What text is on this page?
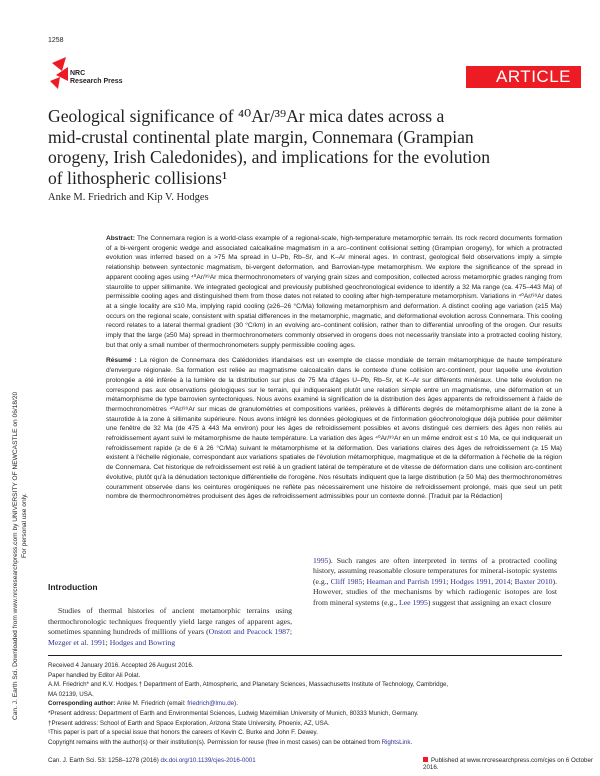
1258
NRC
Research Press	ARTICLE
Geological significance of ⁴⁰Ar/³⁹Ar mica dates across a
mid-crustal continental plate margin, Connemara (Grampian
orogeny, Irish Caledonides), and implications for the evolution
of lithospheric collisions¹
Anke M. Friedrich and Kip V. Hodges
Can. J. Earth Sci. Downloaded from www.nrcresearchpress.com by UNIVERSITY OF NEWCASTLE on 06/18/20 For personal use only.

Abstract: The Connemara region is a world-class example of a regional-scale, high-temperature metamorphic terrain. Its rock record documents formation of a bi-vergent orogenic wedge and associated calcalkaline magmatism in a arc–continent collisional setting (Grampian orogeny), for which a protracted evolution was inferred based on a >75 Ma spread in U–Pb, Rb–Sr, and K–Ar mineral ages. In contrast, geological field observations imply a simple relationship between syntectonic magmatism, bi-vergent deformation, and Barrovian-type metamorphism. We explore the significance of the spread in apparent cooling ages using ⁴⁰Ar/³⁹Ar mica thermochronometers of varying grain sizes and composition, collected across metamorphic grades ranging from staurolite to upper sillimanite. We integrated geological and previously published geochronological evidence to identify a 32 Ma range (ca. 475–443 Ma) of permissible cooling ages and distinguished them from those dates not related to cooling after high-temperature metamorphism. Variations in ⁴⁰Ar/³⁹Ar dates at a single locality are ≤10 Ma, implying rapid cooling (≥26–26 °C/Ma) following metamorphism and deformation. A distinct cooling age variation (≥15 Ma) occurs on the regional scale, consistent with spatial differences in the metamorphic, magmatic, and deformational evolution across Connemara. This cooling record relates to a lateral thermal gradient (30 °C/km) in an evolving arc–continent collision, rather than to differential unroofing of the orogen. Our results imply that the large (≥50 Ma) spread in thermochronometers commonly observed in orogens does not necessarily translate into a protracted cooling history, but that only a small number of thermochronometers supply permissible cooling ages.

Résumé : La région de Connemara des Calédonides irlandaises est un exemple de classe mondiale de terrain métamorphique de haute température d'envergure régionale. Sa formation est reliée au magmatisme calcoalcalin dans le contexte d'une collision arc-continent, pour laquelle une évolution prolongée a été inférée à la lumière de la distribution sur plus de 75 Ma d'âges U–Pb, Rb–Sr, et K–Ar sur différents minéraux. Une telle évolution ne correspond pas aux observations géologiques sur le terrain, qui indiqueraient plutôt une relation simple entre un magmatisme, une déformation et un métamorphisme de type barrovien syntectoniques. Nous avons examiné la signification de la distribution des âges apparents de refroidissement à l'aide de thermochronomètres ⁴⁰Ar/³⁹Ar sur micas de granulométries et compositions variées, prélevés à différents degrés de métamorphisme allant de la zone à staurotide à la zone à sillimanite supérieure. Nous avons intégré les données géologiques et de l'information géochronologique déjà publiée pour délimiter une fenêtre de 32 Ma (de 475 à 443 Ma environ) pour les âges de refroidissement possibles et avons distingué ces derniers des âges non reliés au refroidissement ayant suivi le métamorphisme de haute température. La variation des âges ⁴⁰Ar/³⁹Ar en un même endroit est ≤ 10 Ma, ce qui indiquerait un refroidissement rapide (≥ de 6 à 26 °C/Ma) suivant le métamorphisme et la déformation. Des variations claires des âges de refroidissement (≥ 15 Ma) existent à l'échelle régionale, correspondant aux variations spatiales de l'évolution métamorphique, magmatique et de la déformation à l'échelle de la région de Connemara. Cet historique de refroidissement est relié à un gradient latéral de température et de vitesse de déformation dans une collision arc-continent évolutive, plutôt qu'à la dénudation tectonique différentielle de l'orogène. Nos résultats indiquent que la large distribution (≥ 50 Ma) des thermochronomètres couramment observée dans les ceintures orogéniques ne reflète pas nécessairement une histoire de refroidissement prolongé, mais que seul un petit nombre de thermochronomètres produisent des âges de refroidissement admissibles pour un contexte donné. [Traduit par la Rédaction]

Introduction

Studies of thermal histories of ancient metamorphic terrains using thermochronologic techniques frequently yield large ranges of apparent ages, sometimes spanning hundreds of millions of years (Onstott and Peacock 1987; Mezger et al. 1991; Hodges and Bowring

1995). Such ranges are often interpreted in terms of a protracted cooling history, assuming reasonable closure temperatures for mineral-isotopic systems (e.g., Cliff 1985; Heaman and Parrish 1991; Hodges 1991, 2014; Baxter 2010). However, studies of the mechanisms by which radiogenic isotopes are lost from mineral systems (e.g., Lee 1995) suggest that assigning an exact closure

Received 4 January 2016. Accepted 26 August 2016.
Paper handled by Editor Ali Polat.
A.M. Friedrich* and K.V. Hodges.† Department of Earth, Atmospheric, and Planetary Sciences, Massachusetts Institute of Technology, Cambridge,
MA 02139, USA.
Corresponding author: Anke M. Friedrich (email: friedrich@lmu.de).
*Present address: Department of Earth and Environmental Sciences, Ludwig Maximilian University of Munich, 80333 Munich, Germany.
†Present address: School of Earth and Space Exploration, Arizona State University, Phoenix, AZ, USA.
¹This paper is part of a special issue that honors the careers of Kevin C. Burke and John F. Dewey.
Copyright remains with the author(s) or their institution(s). Permission for reuse (free in most cases) can be obtained from RightsLink.
Can. J. Earth Sci. 53: 1258–1278 (2016) dx.doi.org/10.1139/cjes-2016-0001	Published at www.nrcresearchpress.com/cjes on 6 October 2016.
